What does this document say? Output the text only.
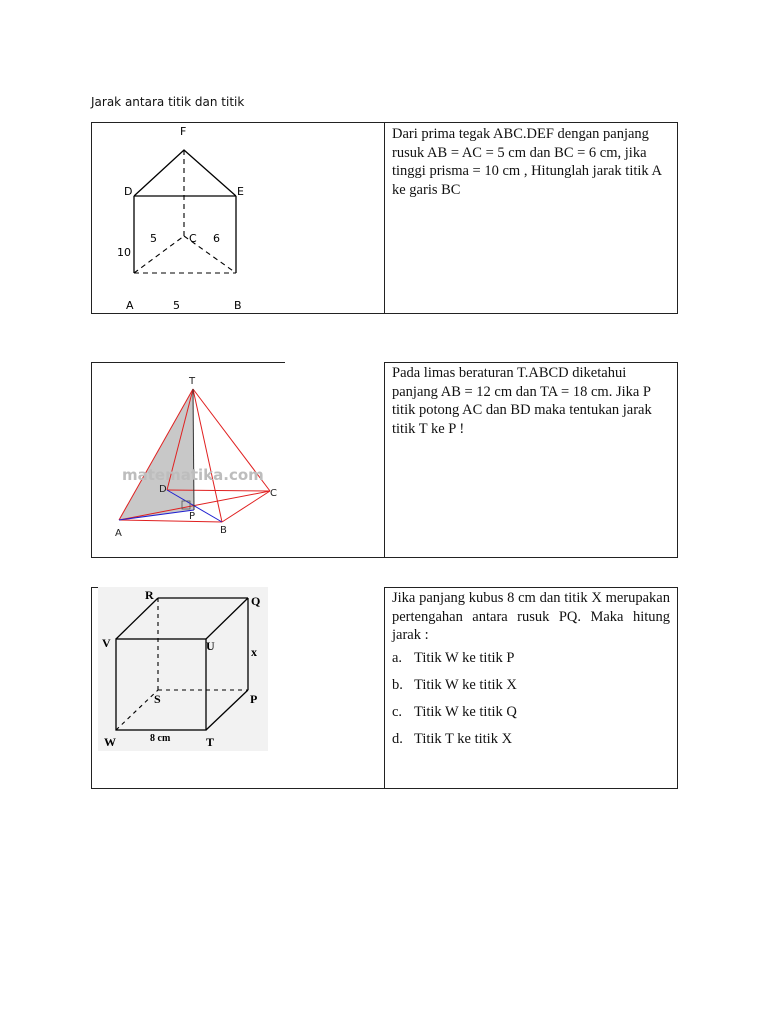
Jarak antara titik dan titik
F
D	E
C
5	6
10
A	5	B
Dari prima tegak ABC.DEF dengan panjang rusuk AB = AC = 5 cm dan BC = 6 cm, jika tinggi prisma = 10 cm , Hitunglah jarak titik A ke garis BC
matematika.com
T
D	C
P
A	B
Pada limas beraturan T.ABCD diketahui panjang AB = 12 cm dan TA = 18 cm. Jika P titik potong AC dan BD maka tentukan jarak titik T ke P !
R	Q
V	U	x
S	P
W	8 cm	T

Jika panjang kubus 8 cm dan titik X merupakan pertengahan antara rusuk PQ. Maka hitung jarak :

a. Titik W ke titik P
b. Titik W ke titik X
c. Titik W ke titik Q
d. Titik T ke titik X
